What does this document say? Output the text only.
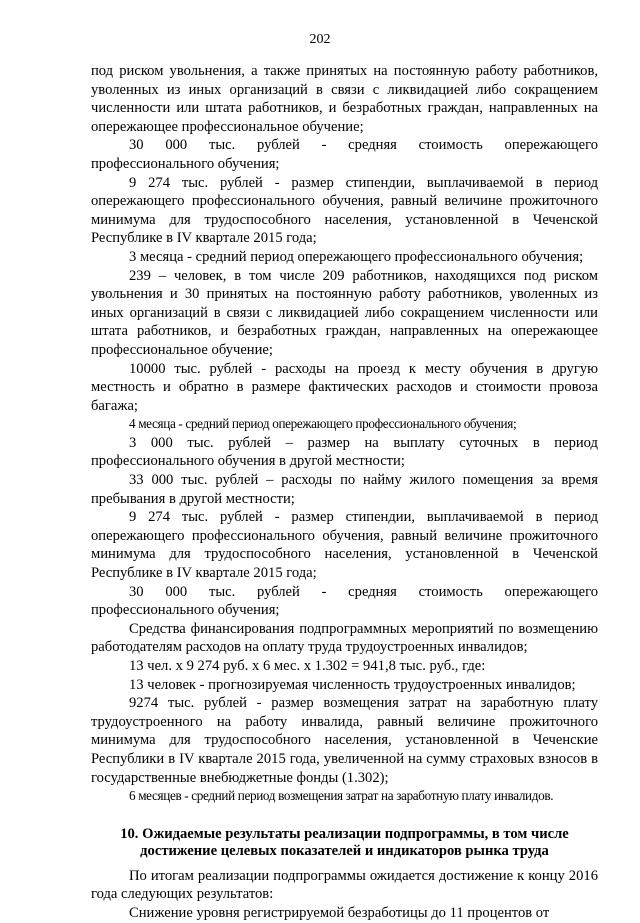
202

под риском увольнения, а также принятых на постоянную работу работников, уволенных из иных организаций в связи с ликвидацией либо сокращением численности или штата работников, и безработных граждан, направленных на опережающее профессиональное обучение;

30 000 тыс. рублей - средняя стоимость опережающего профессионального обучения;

9 274 тыс. рублей - размер стипендии, выплачиваемой в период опережающего профессионального обучения, равный величине прожиточного минимума для трудоспособного населения, установленной в Чеченской Республике в IV квартале 2015 года;

3 месяца - средний период опережающего профессионального обучения;

239 – человек, в том числе 209 работников, находящихся под риском увольнения и 30 принятых на постоянную работу работников, уволенных из иных организаций в связи с ликвидацией либо сокращением численности или штата работников, и безработных граждан, направленных на опережающее профессиональное обучение;

10000 тыс. рублей - расходы на проезд к месту обучения в другую местность и обратно в размере фактических расходов и стоимости провоза багажа;

4 месяца - средний период опережающего профессионального обучения;

3 000 тыс. рублей – размер на выплату суточных в период профессионального обучения в другой местности;

33 000 тыс. рублей – расходы по найму жилого помещения за время пребывания в другой местности;

9 274 тыс. рублей - размер стипендии, выплачиваемой в период опережающего профессионального обучения, равный величине прожиточного минимума для трудоспособного населения, установленной в Чеченской Республике в IV квартале 2015 года;

30 000 тыс. рублей - средняя стоимость опережающего профессионального обучения;

Средства финансирования подпрограммных мероприятий по возмещению работодателям расходов на оплату труда трудоустроенных инвалидов;

13 чел. х 9 274 руб. х 6 мес. х 1.302 = 941,8 тыс. руб., где:

13 человек - прогнозируемая численность трудоустроенных инвалидов;

9274 тыс. рублей - размер возмещения затрат на заработную плату трудоустроенного на работу инвалида, равный величине прожиточного минимума для трудоспособного населения, установленной в Чеченские Республики в IV квартале 2015 года, увеличенной на сумму страховых взносов в государственные внебюджетные фонды (1.302);

6 месяцев - средний период возмещения затрат на заработную плату инвалидов.

10. Ожидаемые результаты реализации подпрограммы, в том числе достижение целевых показателей и индикаторов рынка труда

По итогам реализации подпрограммы ожидается достижение к концу 2016 года следующих результатов:

Снижение уровня регистрируемой безработицы до 11 процентов от
